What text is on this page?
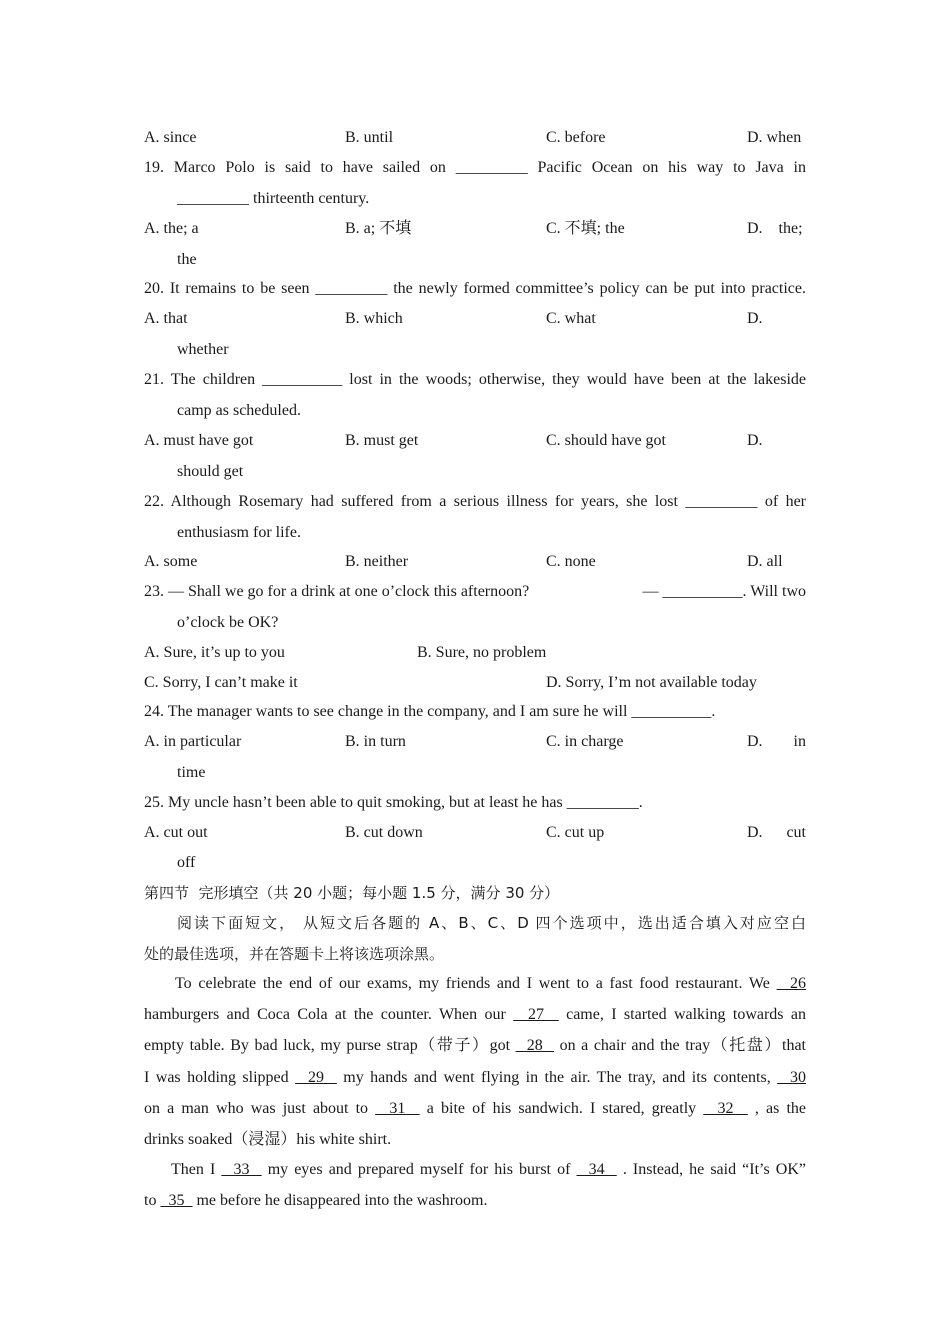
A. since	B. until	C. before	D. when
19. Marco Polo is said to have sailed on _________ Pacific Ocean on his way to Java in
_________ thirteenth century.
A. the; a	B. a; 不填	C. 不填; the	D.    the;
the
20. It remains to be seen _________ the newly formed committee’s policy can be put into practice.
A. that	B. which	C. what	D.
whether
21. The children __________ lost in the woods; otherwise, they would have been at the lakeside
camp as scheduled.
A. must have got	B. must get	C. should have got	D.
should get
22. Although Rosemary had suffered from a serious illness for years, she lost _________ of her
enthusiasm for life.
A. some	B. neither	C. none	D. all
23. — Shall we go for a drink at one o’clock this afternoon?	— __________. Will two
o’clock be OK?
A. Sure, it’s up to you	B. Sure, no problem
C. Sorry, I can’t make it	D. Sorry, I’m not available today
24. The manager wants to see change in the company, and I am sure he will __________.
A. in particular	B. in turn	C. in charge	D.	in
time
25. My uncle hasn’t been able to quit smoking, but at least he has _________.
A. cut out	B. cut down	C. cut up	D.	cut
off
第四节  完形填空（共 20 小题；每小题 1.5 分，满分 30 分）
阅读下面短文， 从短文后各题的 A、B、C、D 四个选项中，选出适合填入对应空白
处的最佳选项，并在答题卡上将该选项涂黑。
To celebrate the end of our exams, my friends and I went to a fast food restaurant. We   26
hamburgers and Coca Cola at the counter. When our   27   came, I started walking towards an
empty table. By bad luck, my purse strap（带子）got   28   on a chair and the tray（托盘）that
I was holding slipped   29   my hands and went flying in the air. The tray, and its contents,   30
on a man who was just about to   31   a bite of his sandwich. I stared, greatly   32   , as the
drinks soaked（浸湿）his white shirt.
Then I   33   my eyes and prepared myself for his burst of   34   . Instead, he said “It’s OK”
to   35   me before he disappeared into the washroom.
